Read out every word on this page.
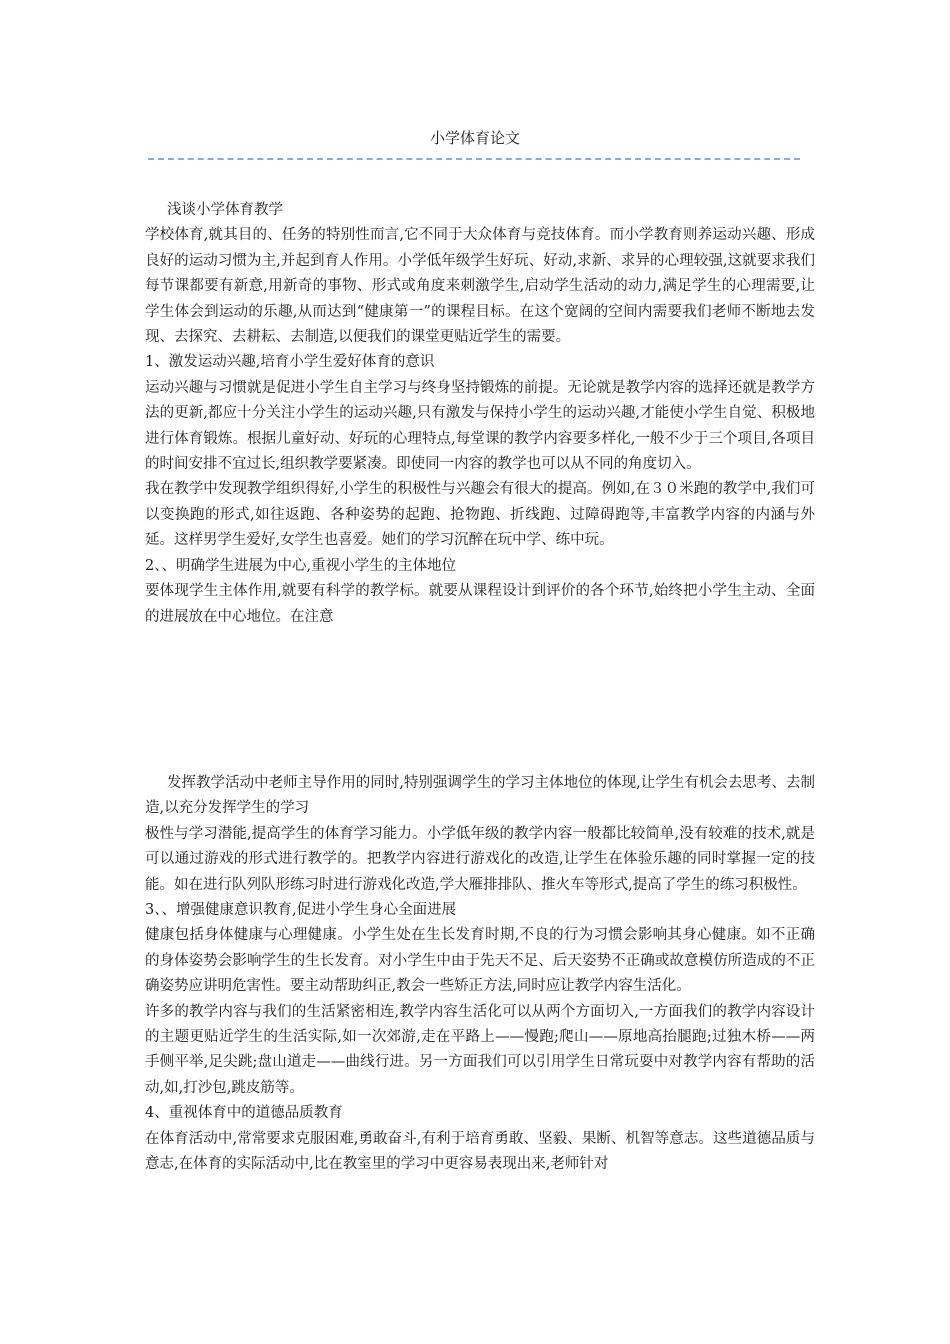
小学体育论文

浅谈小学体育教学

学校体育,就其目的、任务的特别性而言,它不同于大众体育与竞技体育。而小学教育则养运动兴趣、形成良好的运动习惯为主,并起到育人作用。小学低年级学生好玩、好动,求新、求异的心理较强,这就要求我们每节课都要有新意,用新奇的事物、形式或角度来刺激学生,启动学生活动的动力,满足学生的心理需要,让学生体会到运动的乐趣,从而达到“健康第一”的课程目标。在这个宽阔的空间内需要我们老师不断地去发现、去探究、去耕耘、去制造,以便我们的课堂更贴近学生的需要。

1、激发运动兴趣,培育小学生爱好体育的意识

运动兴趣与习惯就是促进小学生自主学习与终身坚持锻炼的前提。无论就是教学内容的选择还就是教学方法的更新,都应十分关注小学生的运动兴趣,只有激发与保持小学生的运动兴趣,才能使小学生自觉、积极地进行体育锻炼。根据儿童好动、好玩的心理特点,每堂课的教学内容要多样化,一般不少于三个项目,各项目的时间安排不宜过长,组织教学要紧凑。即使同一内容的教学也可以从不同的角度切入。

我在教学中发现教学组织得好,小学生的积极性与兴趣会有很大的提高。例如,在３０米跑的教学中,我们可以变换跑的形式,如往返跑、各种姿势的起跑、抢物跑、折线跑、过障碍跑等,丰富教学内容的内涵与外延。这样男学生爱好,女学生也喜爱。她们的学习沉醉在玩中学、练中玩。

2、、明确学生进展为中心,重视小学生的主体地位

要体现学生主体作用,就要有科学的教学标。就要从课程设计到评价的各个环节,始终把小学生主动、全面的进展放在中心地位。在注意

发挥教学活动中老师主导作用的同时,特别强调学生的学习主体地位的体现,让学生有机会去思考、去制造,以充分发挥学生的学习

极性与学习潜能,提高学生的体育学习能力。小学低年级的教学内容一般都比较简单,没有较难的技术,就是可以通过游戏的形式进行教学的。把教学内容进行游戏化的改造,让学生在体验乐趣的同时掌握一定的技能。如在进行队列队形练习时进行游戏化改造,学大雁排排队、推火车等形式,提高了学生的练习积极性。

3、、增强健康意识教育,促进小学生身心全面进展

健康包括身体健康与心理健康。小学生处在生长发育时期,不良的行为习惯会影响其身心健康。如不正确的身体姿势会影响学生的生长发育。对小学生中由于先天不足、后天姿势不正确或故意模仿所造成的不正确姿势应讲明危害性。要主动帮助纠正,教会一些矫正方法,同时应让教学内容生活化。

许多的教学内容与我们的生活紧密相连,教学内容生活化可以从两个方面切入,一方面我们的教学内容设计的主题更贴近学生的生活实际,如一次郊游,走在平路上——慢跑;爬山——原地高抬腿跑;过独木桥——两手侧平举,足尖跳;盘山道走——曲线行进。另一方面我们可以引用学生日常玩耍中对教学内容有帮助的活动,如,打沙包,跳皮筋等。

4、重视体育中的道德品质教育

在体育活动中,常常要求克服困难,勇敢奋斗,有利于培育勇敢、坚毅、果断、机智等意志。这些道德品质与意志,在体育的实际活动中,比在教室里的学习中更容易表现出来,老师针对
